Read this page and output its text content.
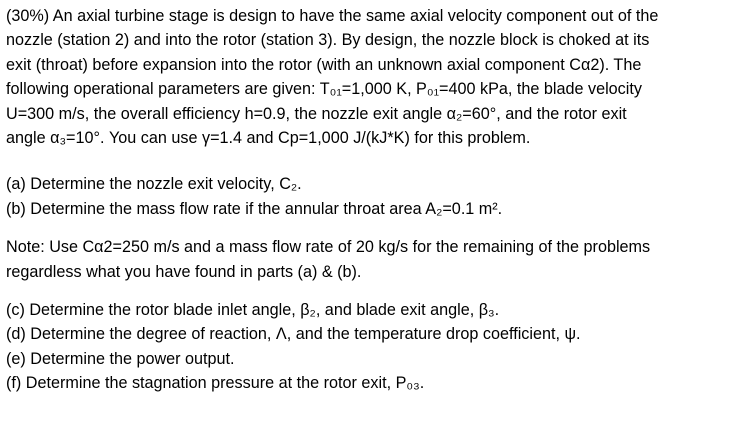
(30%) An axial turbine stage is design to have the same axial velocity component out of the
nozzle (station 2) and into the rotor (station 3). By design, the nozzle block is choked at its
exit (throat) before expansion into the rotor (with an unknown axial component Cα2). The
following operational parameters are given: T₀₁=1,000 K, P₀₁=400 kPa, the blade velocity
U=300 m/s, the overall efficiency h=0.9, the nozzle exit angle α₂=60°, and the rotor exit
angle α₃=10°. You can use γ=1.4 and Cp=1,000 J/(kJ*K) for this problem.
(a) Determine the nozzle exit velocity, C₂.
(b) Determine the mass flow rate if the annular throat area A₂=0.1 m².
Note: Use Cα2=250 m/s and a mass flow rate of 20 kg/s for the remaining of the problems
regardless what you have found in parts (a) & (b).
(c) Determine the rotor blade inlet angle, β₂, and blade exit angle, β₃.
(d) Determine the degree of reaction, Λ, and the temperature drop coefficient, ψ.
(e) Determine the power output.
(f) Determine the stagnation pressure at the rotor exit, P₀₃.
